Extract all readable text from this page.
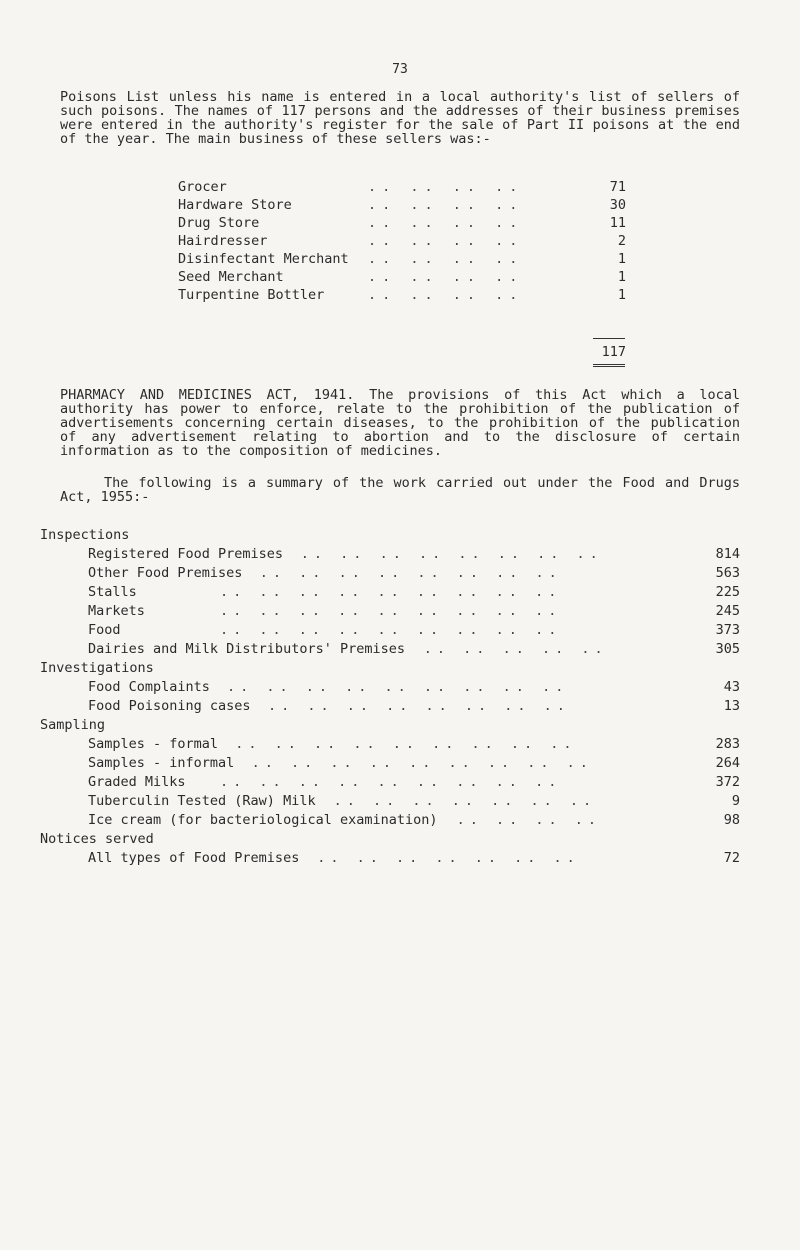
73
Poisons List unless his name is entered in a local authority's list of sellers of such poisons. The names of 117 persons and the addresses of their business premises were entered in the authority's register for the sale of Part II poisons at the end of the year. The main business of these sellers was:-
Grocer	.. .. .. ..	71
Hardware Store	.. .. .. ..	30
Drug Store	.. .. .. ..	11
Hairdresser	.. .. .. ..	2
Disinfectant Merchant .. .. .. ..	1
Seed Merchant	.. .. .. ..	1
Turpentine Bottler	.. .. .. ..	1
117
PHARMACY AND MEDICINES ACT, 1941. The provisions of this Act which a local authority has power to enforce, relate to the prohibition of the publication of advertisements concerning certain diseases, to the prohibition of the publication of any advertisement relating to abortion and to the disclosure of certain information as to the composition of medicines.
The following is a summary of the work carried out under the Food and Drugs Act, 1955:-
Inspections
Registered Food Premises .. .. .. .. .. .. .. ..	814
Other Food Premises .. .. .. .. .. .. .. ..	563
Stalls	.. .. .. .. .. .. .. .. ..	225
Markets	.. .. .. .. .. .. .. .. ..	245
Food	.. .. .. .. .. .. .. .. ..	373
Dairies and Milk Distributors' Premises .. .. .. .. ..	305
Investigations
Food Complaints .. .. .. .. .. .. .. .. ..	43
Food Poisoning cases .. .. .. .. .. .. .. ..	13
Sampling
Samples - formal .. .. .. .. .. .. .. .. ..	283
Samples - informal .. .. .. .. .. .. .. .. ..	264
Graded Milks	.. .. .. .. .. .. .. .. ..	372
Tuberculin Tested (Raw) Milk .. .. .. .. .. .. ..	9
Ice cream (for bacteriological examination) .. .. .. ..	98
Notices served
All types of Food Premises .. .. .. .. .. .. ..	72
